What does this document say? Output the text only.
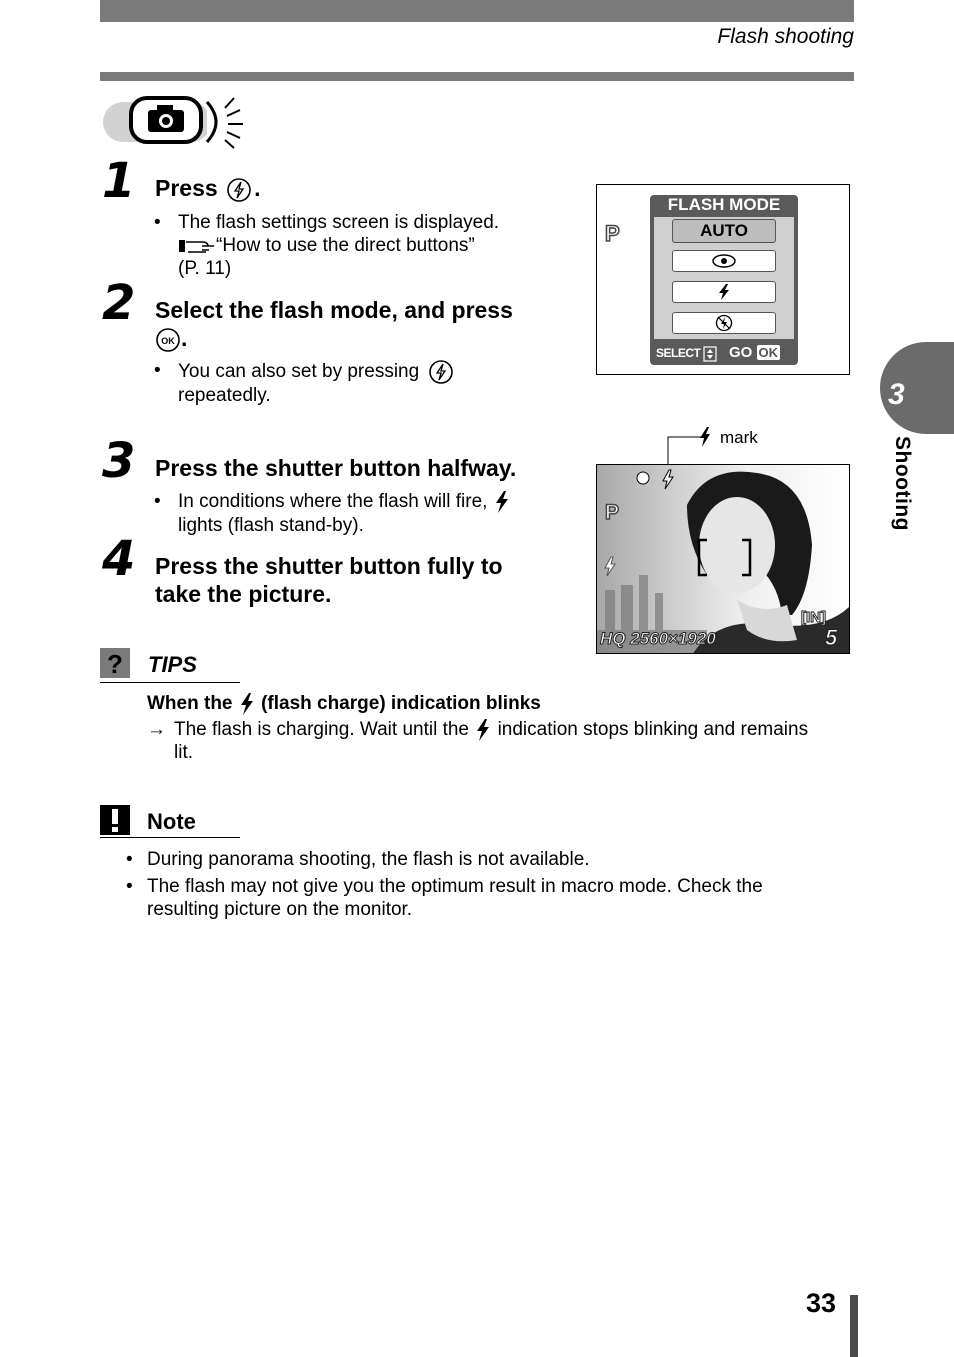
Flash shooting
1 Press .
• The flash settings screen is displayed.
“How to use the direct buttons”
(P. 11)
2 Select the flash mode, and press
OK .
• You can also set by pressing
repeatedly.
3 Press the shutter button halfway.
• In conditions where the flash will fire,
lights (flash stand-by).
4 Press the shutter button fully to
take the picture.
P
FLASH MODE
AUTO
SELECT	GO OK
mark
P
[IN]
HQ 2560×1920	5
3
Shooting
? TIPS
When the (flash charge) indication blinks
→ The flash is charging. Wait until the indication stops blinking and remains
lit.
Note
• During panorama shooting, the flash is not available.
• The flash may not give you the optimum result in macro mode. Check the
resulting picture on the monitor.
33
